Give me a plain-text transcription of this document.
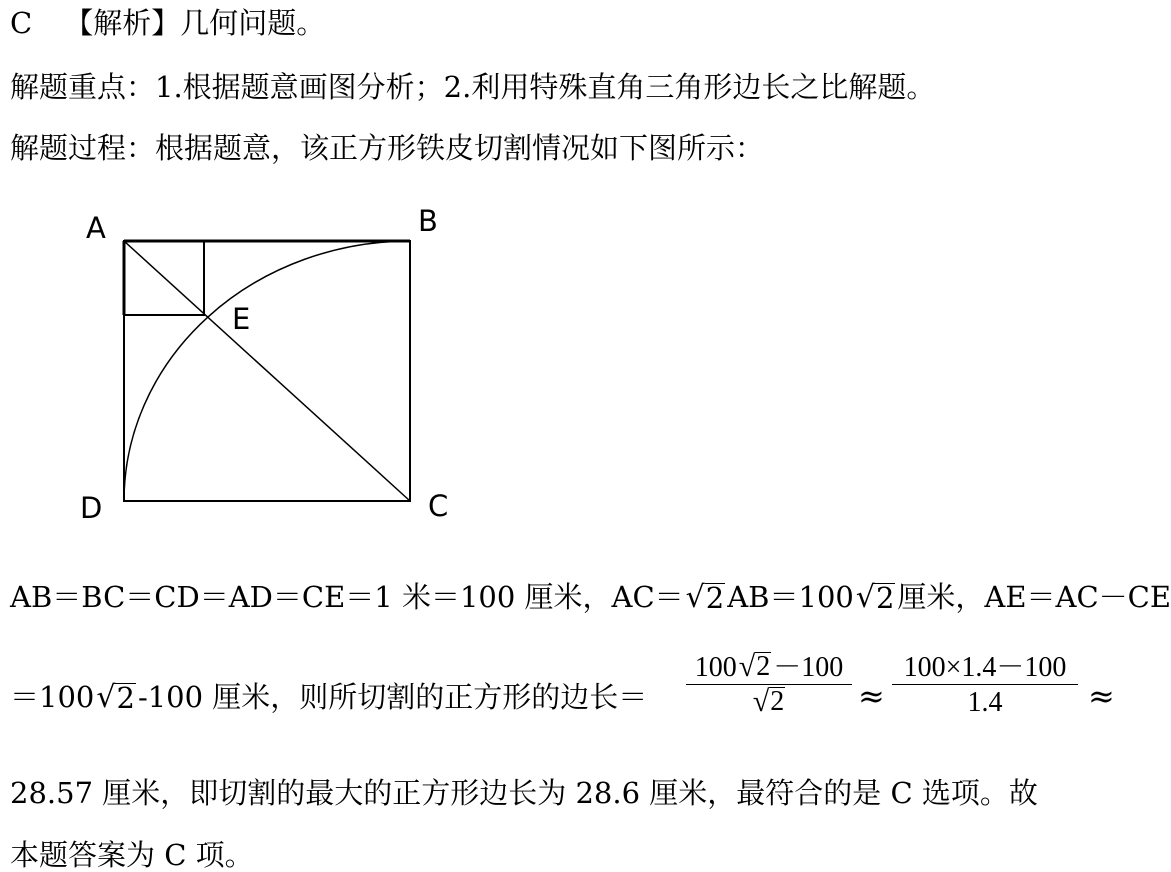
C 【解析】几何问题。
解题重点：1.根据题意画图分析；2.利用特殊直角三角形边长之比解题。
解题过程：根据题意，该正方形铁皮切割情况如下图所示：
A	B
C
D
E
AB＝BC＝CD＝AD＝CE＝1 米＝100 厘米，AC＝ √ 2 AB＝100 √ 2 厘米，AE＝AC－CE
＝100 √ 2 -100 厘米，则所切割的正方形的边长＝ $\frac{100 √ 2 -100}{√ 2} \approx \frac{100\times 1.4-100}{1.4}$ ≈
28.57 厘米，即切割的最大的正方形边长为 28.6 厘米，最符合的是 C 选项。故
本题答案为 C 项。
